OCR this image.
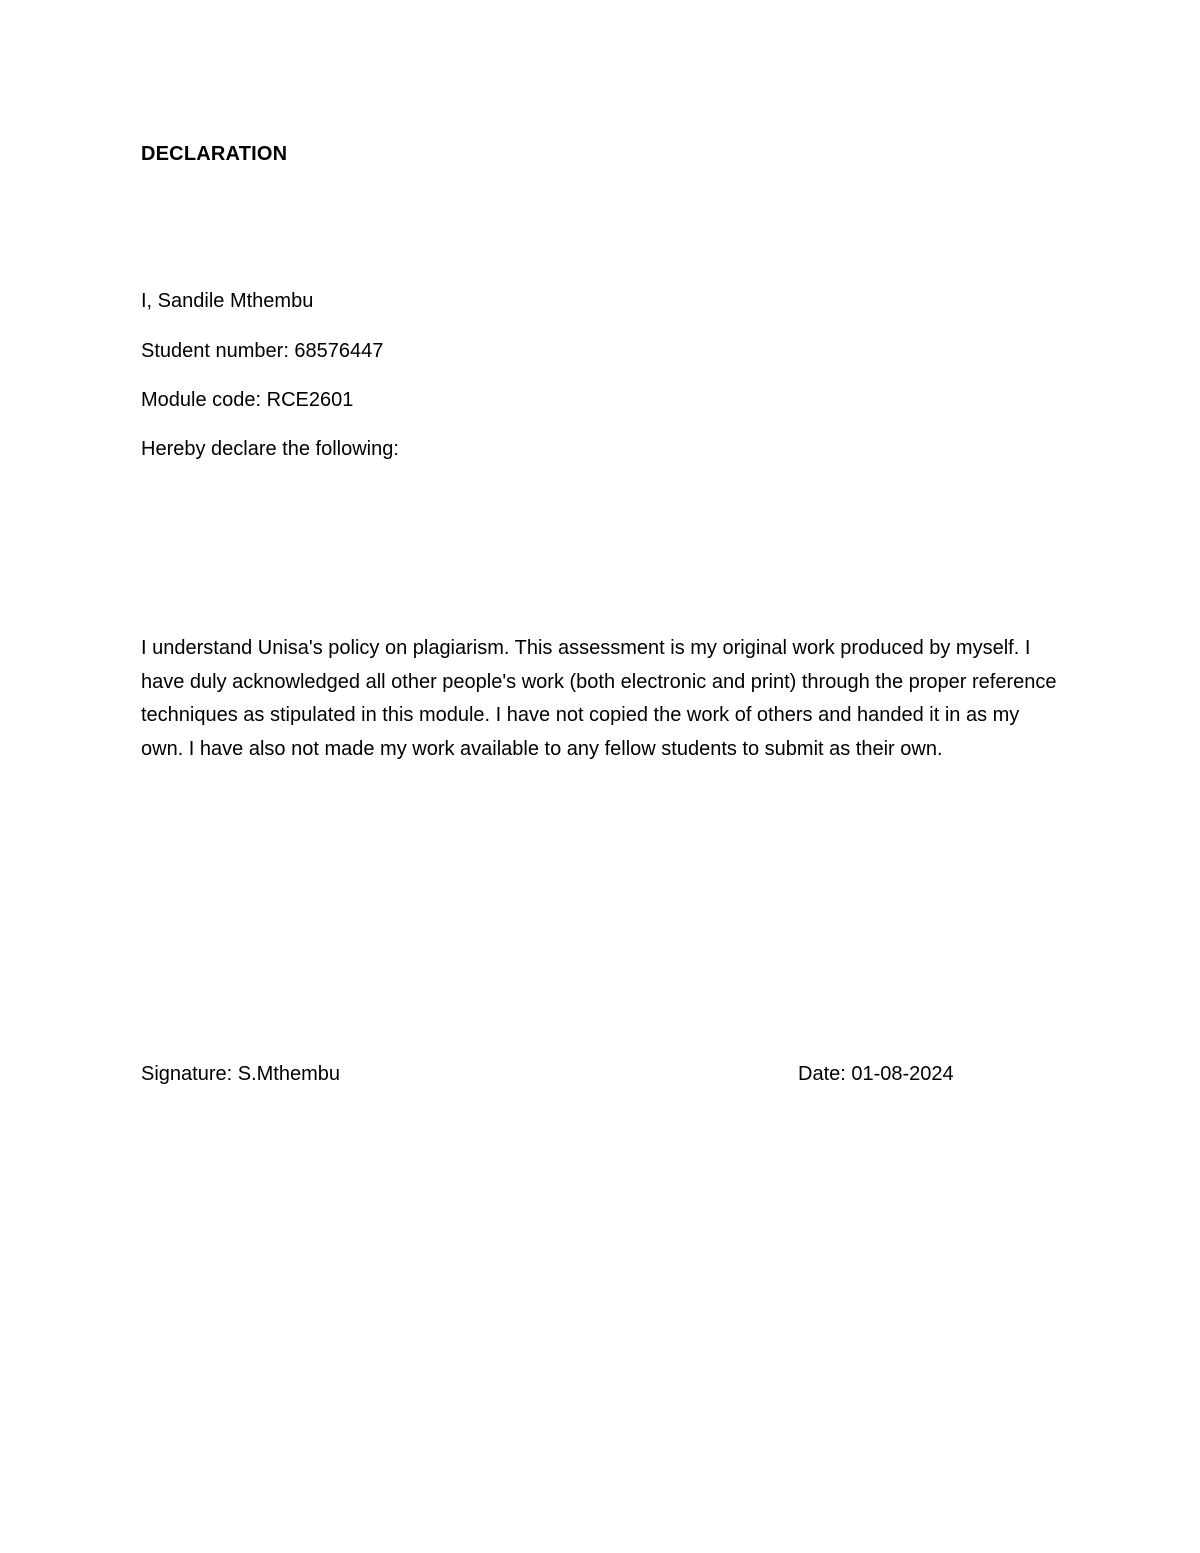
DECLARATION
I, Sandile Mthembu
Student number: 68576447
Module code: RCE2601
Hereby declare the following:
I understand Unisa's policy on plagiarism. This assessment is my original work produced by myself. I have duly acknowledged all other people's work (both electronic and print) through the proper reference techniques as stipulated in this module. I have not copied the work of others and handed it in as my own. I have also not made my work available to any fellow students to submit as their own.
Signature: S.Mthembu	Date: 01-08-2024
